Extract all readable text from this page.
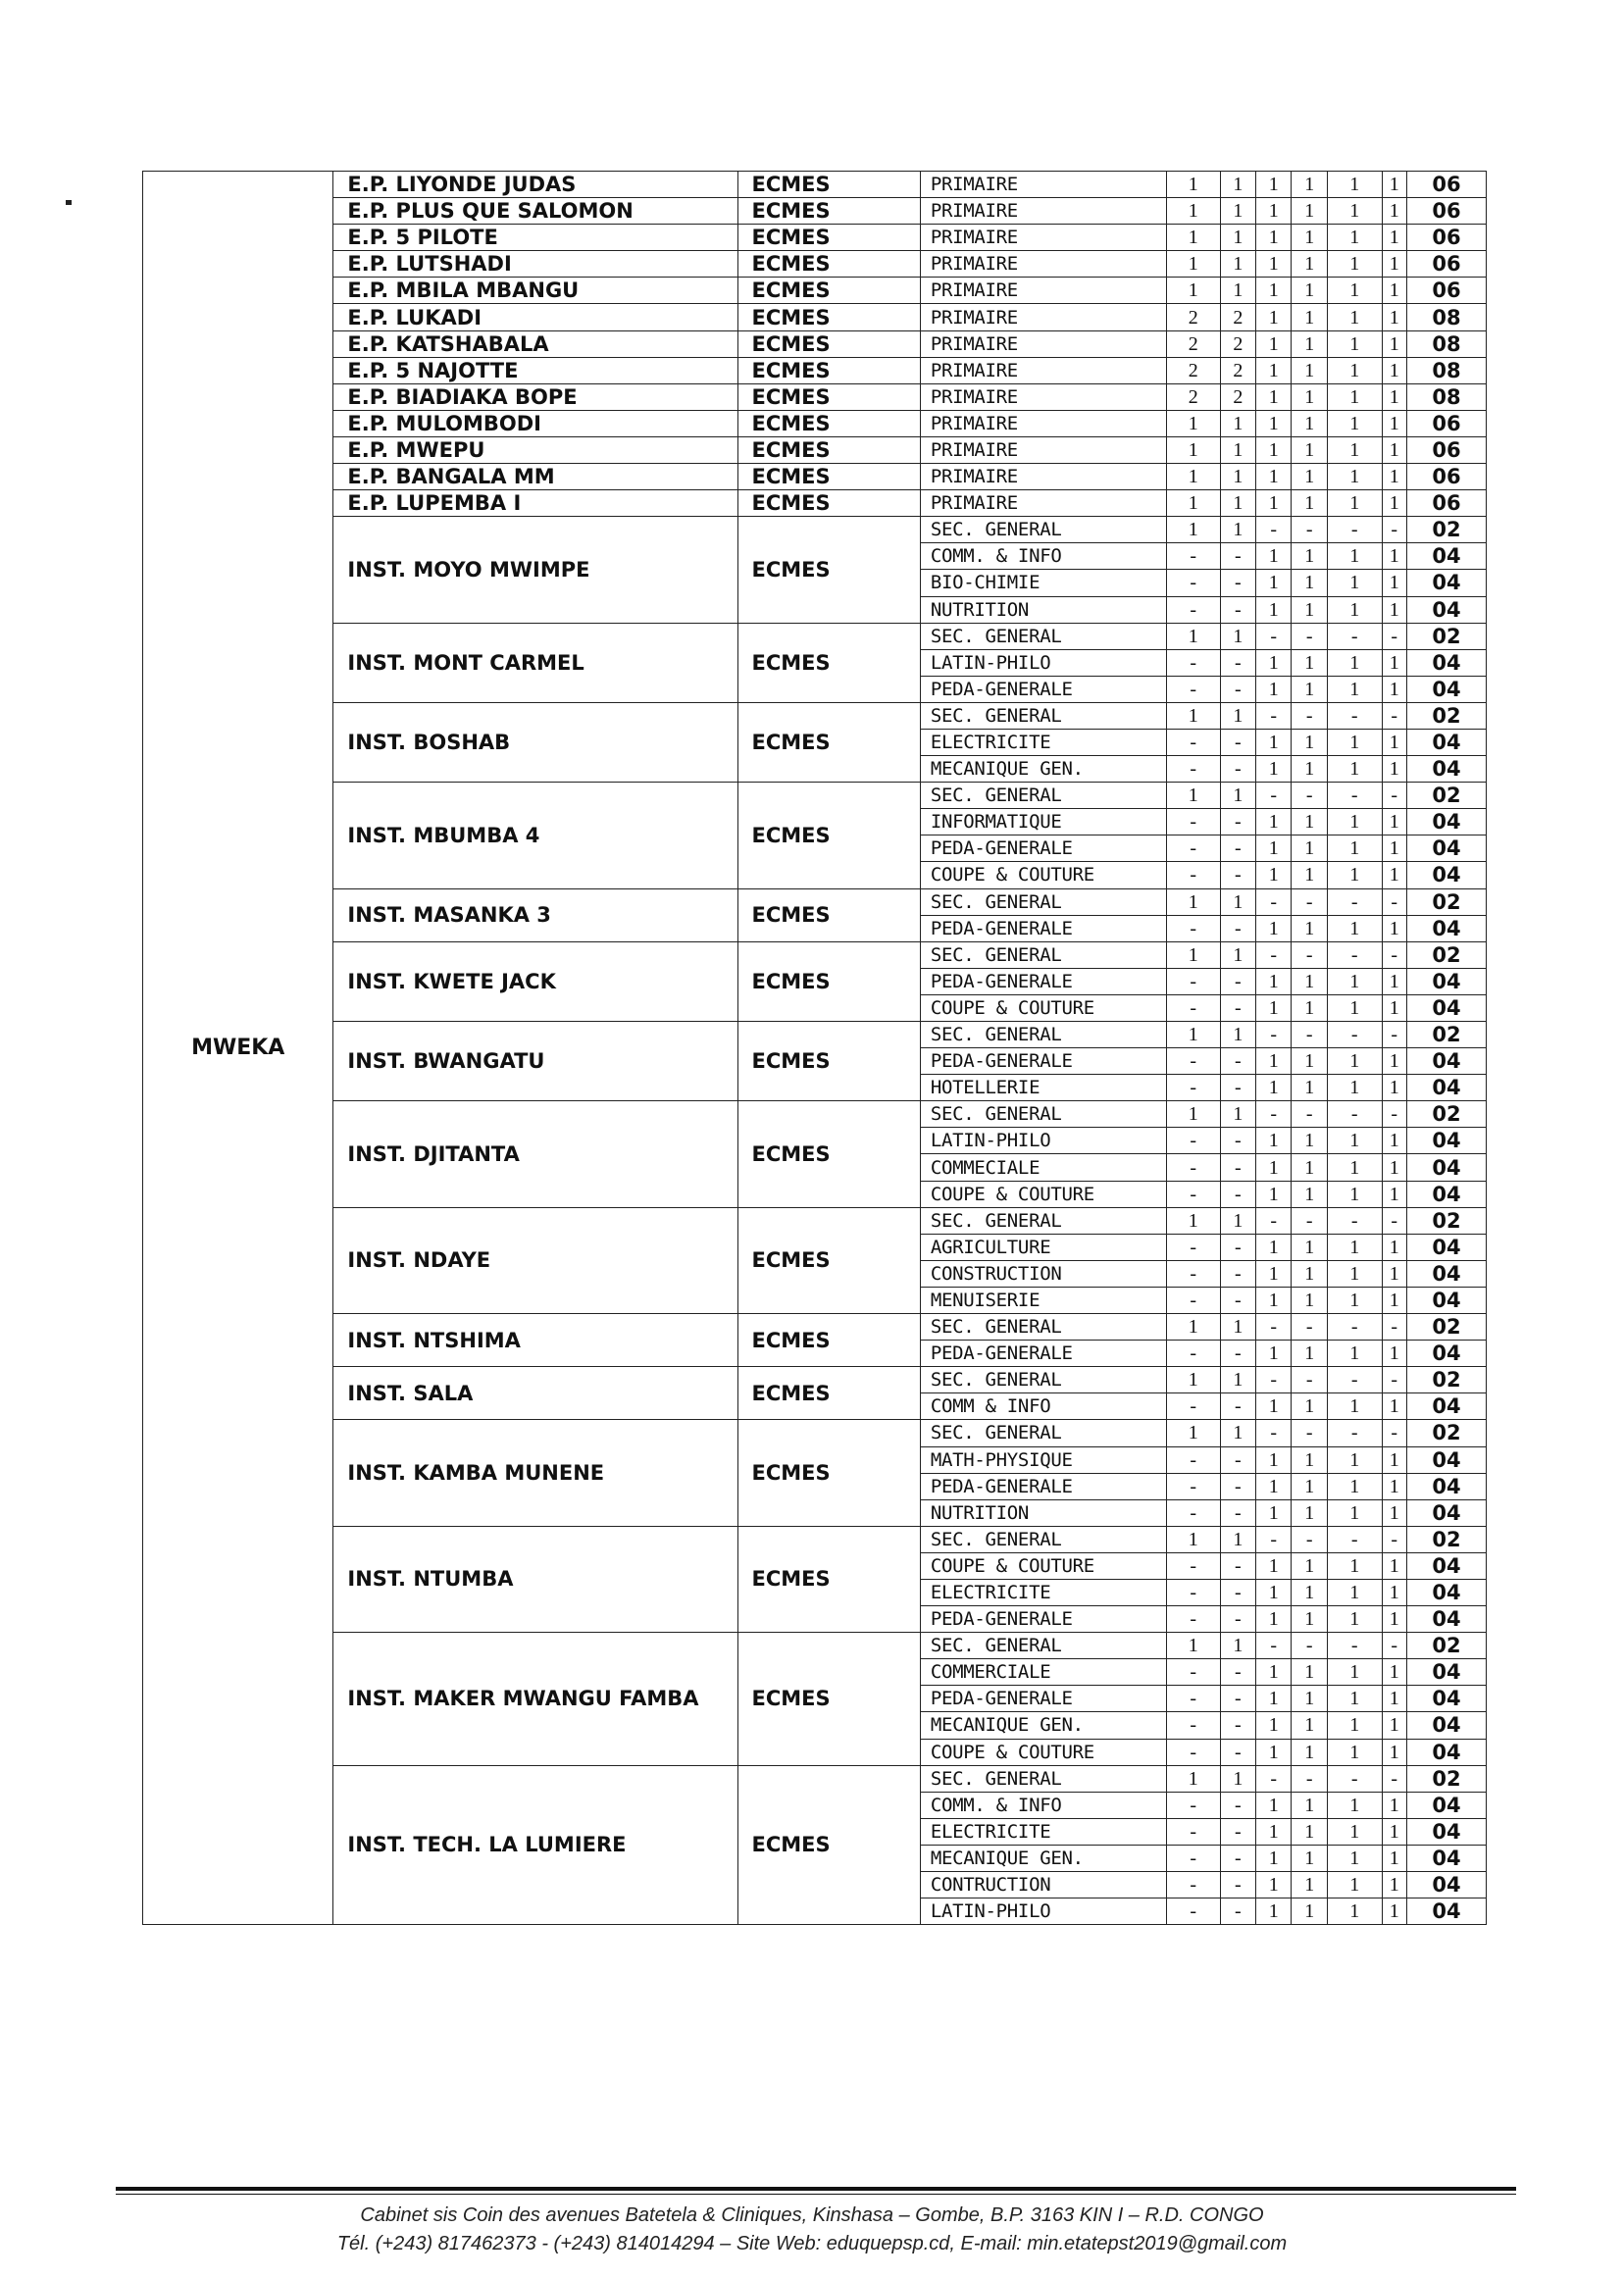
MWEKA	E.P. LIYONDE JUDAS	ECMES	PRIMAIRE	1	1	1	1	1	1	06
	E.P. PLUS QUE SALOMON	ECMES	PRIMAIRE	1	1	1	1	1	1	06
	E.P. 5 PILOTE	ECMES	PRIMAIRE	1	1	1	1	1	1	06
	E.P. LUTSHADI	ECMES	PRIMAIRE	1	1	1	1	1	1	06
	E.P. MBILA MBANGU	ECMES	PRIMAIRE	1	1	1	1	1	1	06
	E.P. LUKADI	ECMES	PRIMAIRE	2	2	1	1	1	1	08
	E.P. KATSHABALA	ECMES	PRIMAIRE	2	2	1	1	1	1	08
	E.P. 5 NAJOTTE	ECMES	PRIMAIRE	2	2	1	1	1	1	08
	E.P. BIADIAKA BOPE	ECMES	PRIMAIRE	2	2	1	1	1	1	08
	E.P. MULOMBODI	ECMES	PRIMAIRE	1	1	1	1	1	1	06
	E.P. MWEPU	ECMES	PRIMAIRE	1	1	1	1	1	1	06
	E.P. BANGALA MM	ECMES	PRIMAIRE	1	1	1	1	1	1	06
	E.P. LUPEMBA I	ECMES	PRIMAIRE	1	1	1	1	1	1	06
	INST. MOYO MWIMPE	ECMES	SEC. GENERAL	1	1	-	-	-	-	02
			COMM. & INFO	-	-	1	1	1	1	04
			BIO-CHIMIE	-	-	1	1	1	1	04
			NUTRITION	-	-	1	1	1	1	04
	INST. MONT CARMEL	ECMES	SEC. GENERAL	1	1	-	-	-	-	02
			LATIN-PHILO	-	-	1	1	1	1	04
			PEDA-GENERALE	-	-	1	1	1	1	04
	INST. BOSHAB	ECMES	SEC. GENERAL	1	1	-	-	-	-	02
			ELECTRICITE	-	-	1	1	1	1	04
			MECANIQUE GEN.	-	-	1	1	1	1	04
	INST. MBUMBA 4	ECMES	SEC. GENERAL	1	1	-	-	-	-	02
			INFORMATIQUE	-	-	1	1	1	1	04
			PEDA-GENERALE	-	-	1	1	1	1	04
			COUPE & COUTURE	-	-	1	1	1	1	04
	INST. MASANKA 3	ECMES	SEC. GENERAL	1	1	-	-	-	-	02
			PEDA-GENERALE	-	-	1	1	1	1	04
	INST. KWETE JACK	ECMES	SEC. GENERAL	1	1	-	-	-	-	02
			PEDA-GENERALE	-	-	1	1	1	1	04
			COUPE & COUTURE	-	-	1	1	1	1	04
	INST. BWANGATU	ECMES	SEC. GENERAL	1	1	-	-	-	-	02
			PEDA-GENERALE	-	-	1	1	1	1	04
			HOTELLERIE	-	-	1	1	1	1	04
	INST. DJITANTA	ECMES	SEC. GENERAL	1	1	-	-	-	-	02
			LATIN-PHILO	-	-	1	1	1	1	04
			COMMECIALE	-	-	1	1	1	1	04
			COUPE & COUTURE	-	-	1	1	1	1	04
	INST. NDAYE	ECMES	SEC. GENERAL	1	1	-	-	-	-	02
			AGRICULTURE	-	-	1	1	1	1	04
			CONSTRUCTION	-	-	1	1	1	1	04
			MENUISERIE	-	-	1	1	1	1	04
	INST. NTSHIMA	ECMES	SEC. GENERAL	1	1	-	-	-	-	02
			PEDA-GENERALE	-	-	1	1	1	1	04
	INST. SALA	ECMES	SEC. GENERAL	1	1	-	-	-	-	02
			COMM & INFO	-	-	1	1	1	1	04
	INST. KAMBA MUNENE	ECMES	SEC. GENERAL	1	1	-	-	-	-	02
			MATH-PHYSIQUE	-	-	1	1	1	1	04
			PEDA-GENERALE	-	-	1	1	1	1	04
			NUTRITION	-	-	1	1	1	1	04
	INST. NTUMBA	ECMES	SEC. GENERAL	1	1	-	-	-	-	02
			COUPE & COUTURE	-	-	1	1	1	1	04
			ELECTRICITE	-	-	1	1	1	1	04
			PEDA-GENERALE	-	-	1	1	1	1	04
	INST. MAKER MWANGU FAMBA	ECMES	SEC. GENERAL	1	1	-	-	-	-	02
			COMMERCIALE	-	-	1	1	1	1	04
			PEDA-GENERALE	-	-	1	1	1	1	04
			MECANIQUE GEN.	-	-	1	1	1	1	04
			COUPE & COUTURE	-	-	1	1	1	1	04
	INST. TECH. LA LUMIERE	ECMES	SEC. GENERAL	1	1	-	-	-	-	02
			COMM. & INFO	-	-	1	1	1	1	04
			ELECTRICITE	-	-	1	1	1	1	04
			MECANIQUE GEN.	-	-	1	1	1	1	04
			CONTRUCTION	-	-	1	1	1	1	04
			LATIN-PHILO	-	-	1	1	1	1	04
Cabinet sis Coin des avenues Batetela & Cliniques, Kinshasa – Gombe, B.P. 3163 KIN I – R.D. CONGO
Tél. (+243) 817462373 - (+243) 814014294 – Site Web: eduquepsp.cd, E-mail: min.etatepst2019@gmail.com
